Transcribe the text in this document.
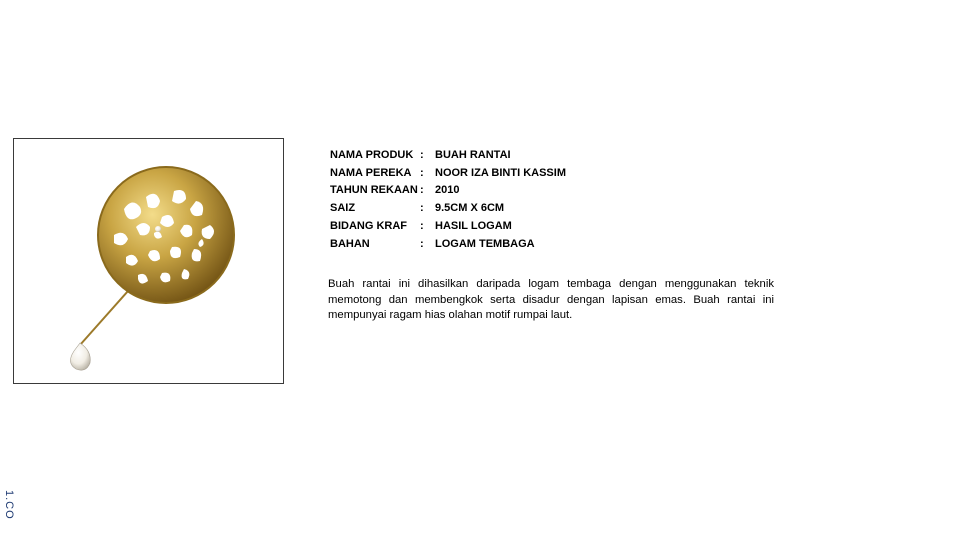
NAMA PRODUK	:	BUAH RANTAI
NAMA PEREKA	:	NOOR IZA BINTI KASSIM
TAHUN REKAAN	:	2010
SAIZ	:	9.5CM X 6CM
BIDANG KRAF	:	HASIL LOGAM
BAHAN	:	LOGAM TEMBAGA

Buah rantai ini dihasilkan daripada logam tembaga dengan menggunakan teknik memotong dan membengkok serta disadur dengan lapisan emas. Buah rantai ini mempunyai ragam hias olahan motif rumpai laut.

1.CO
